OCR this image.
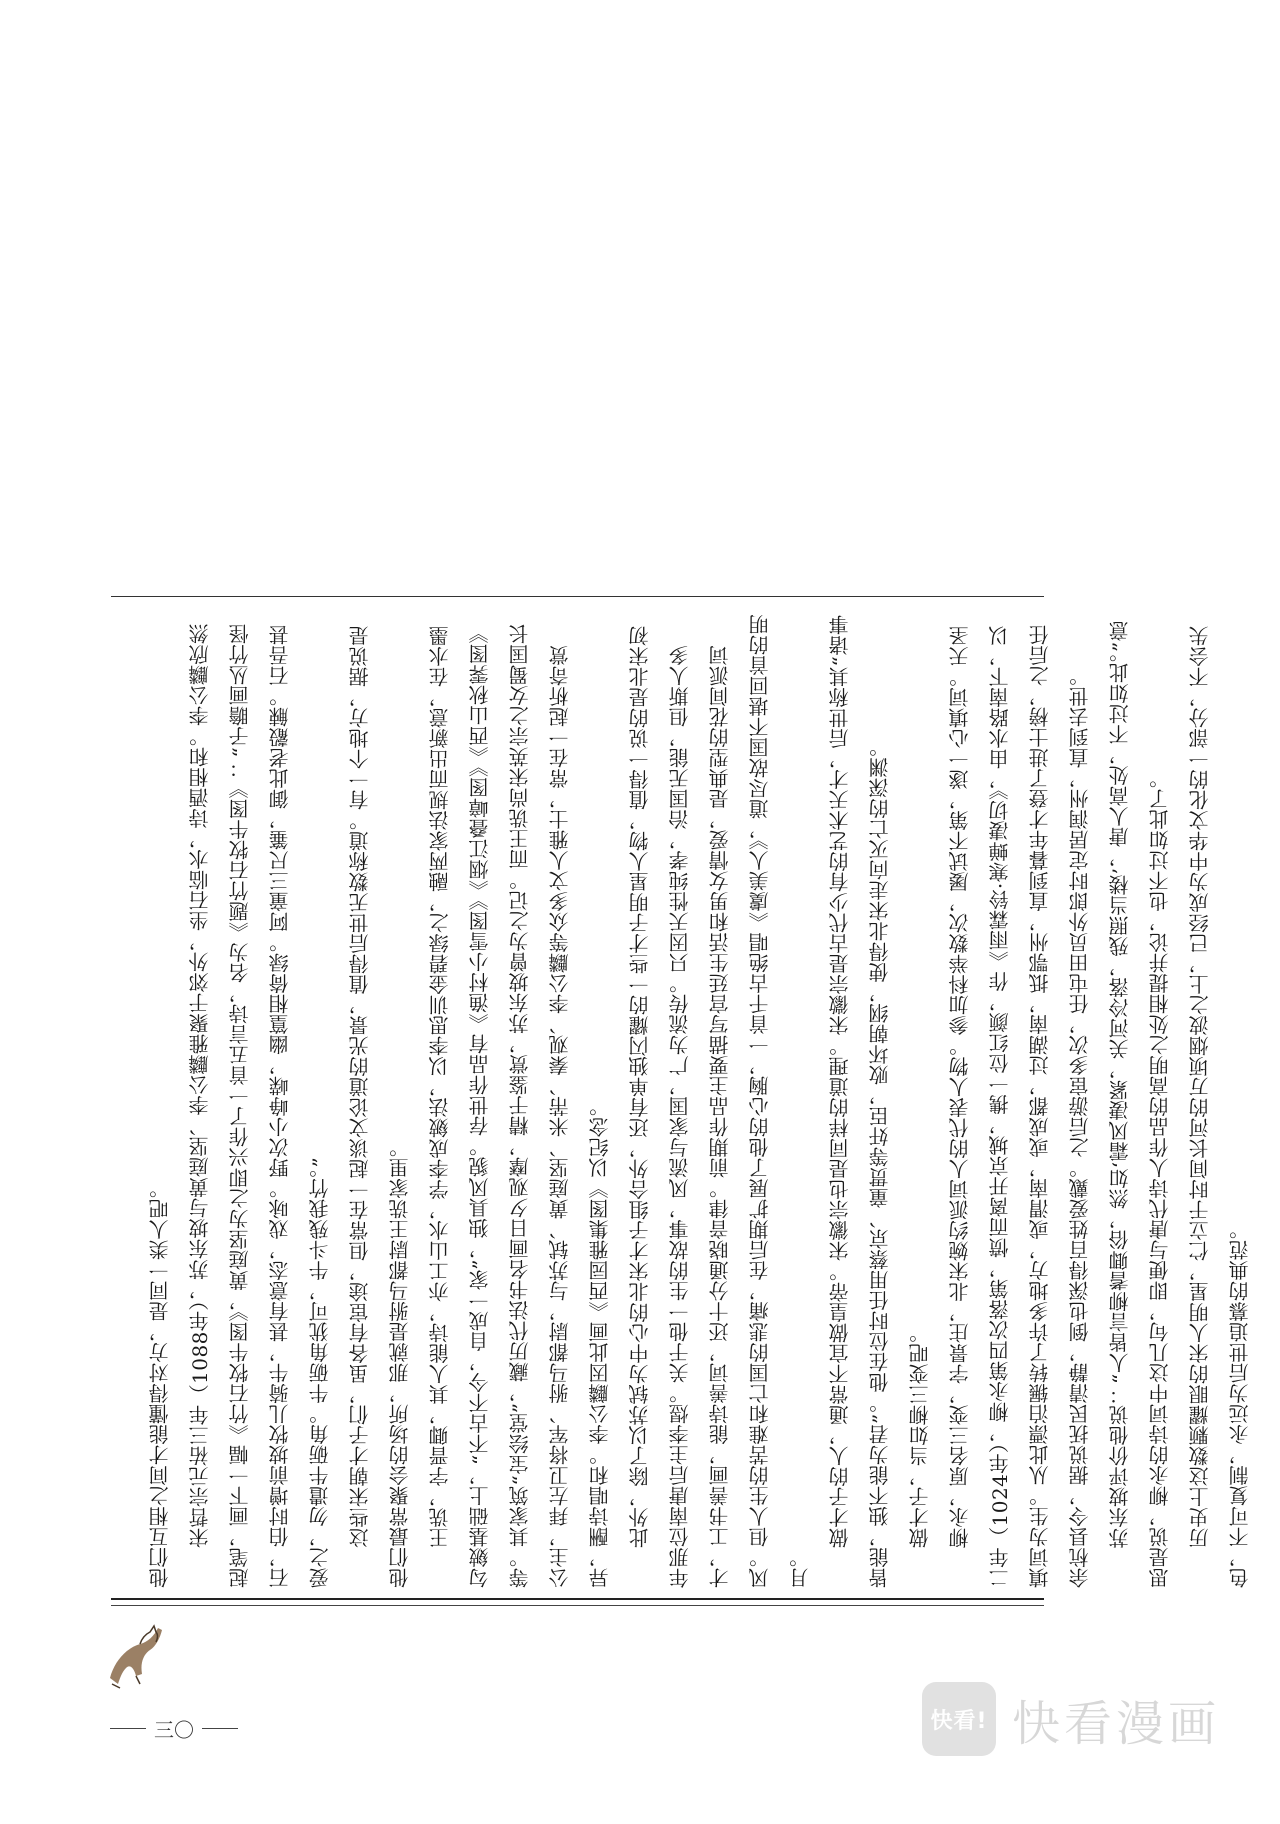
他们互相之间才能懂得对方，是同一类人吧。 宋哲宗元祐三年（1088年），苏东坡与黄庭坚、李公麟雅聚于郊外，坐石临水，诗酒相和。李公麟欣然起笔，画下一幅《竹石牧牛图》，黄庭坚为之即兴作了一首五言诗，名为《题竹石牧牛图》：“子瞻画丛竹怪石，伯时增前坡牧儿骑牛，甚有意态，戏咏。野次小峥嵘，幽篁相倚绿。阿童三尺箠，御此老觳觫。石吾甚爱之，勿遣牛砺角。牛砺角犹可，牛斗残我竹。” 这些宋朝才子们，虽各有宦途，但常在一起谈文论道的光景，值得后世无数称道。有一个地方，据说是他们最常聚会的场所，那就是驸马都尉王诜家里。 王诜，字晋卿，其人能诗，亦工山水，学李成皴法，以李思训金碧绿之，融两家法规而出新意，在水墨勾皴基础上，“不古不今，自成一家”，独具风貌。存世作品有《渔村小雪图》《烟江叠嶂图》《西山秋霁图》等。其家筑“宝绘堂”，藏历代法书名画日夕观摩，精于鉴赏，苏东坡曾为之记。而王诜尚宋英宗之女蜀国长公主，拜左卫将军、驸马都尉，与苏轼、黄庭坚、米芾、秦观、李公麟等众多文人雅士，常在一起析奇赏异，酬诗唱和。李公麟因此画《西园雅集图》以纪念。 此外，除了以苏轼为中心的北宋才子组合外，还有单独闪耀的一些才子明星人物，值得一说的是北宋初年那位南唐后主李煜。关于他一生的故事，风流与家国，广为流传。只因天性纯孝，治国无能，但斯人多才，工书善画，能诗善词，还十分通晓音律。前期作品主要描写宫廷生活和男女情爱，是典型的花间派词风。但人生的苦难和亡国的悲痛，在后期扩展了他的心胸，一首千古绝唱《虞美人》，道尽故国不堪回首的明月。

做才子的人，通常不宜做皇帝。宋徽宗也是同样的道理。宋徽宗是古代少有的艺术天才，后世称其“诸事皆能，独不能为君”。他在位时任用蔡京、童贯等奸臣，败坏朝纲，使得北宋走向灭亡的深渊。 做才子，当如柳三变吧。 柳永，原名三变，字景庄，北宋婉约派词人的代表人物。参加科举数次，屡试不第，遂一心填词。天圣二年（1024年），柳永第四次落第，愤而离开京城，携一位红颜，作《雨霖铃·寒蝉凄切》，由水路南下，以填词为生。从此漂泊辗转了许多地方，或渭南，或成都，过湖南，抵鄂州，直到暮年才登了进士榜，之后任余杭县令，据说抚民清静，倒也深得百姓爱戴。之后游宦多次，任屯田员外郎时定居润州，直到去世。 苏东坡评价他说：“人皆言柳耆卿俗，然如‘霜风凄紧，关河冷落，残照当楼’，唐人高处，不过如此。”意思是说，柳永的诗词中这几句，即便与唐代诗人作品的高明之处相提并论，也不过如此了。 历史上这数颗耀眼的宋人明星，伫立于时间长河的万顷烟波之上，已经成为中华文化的一部分，不会失色，不可复制，永远为后世追慕的典范。

三〇	快看! 快看漫画
